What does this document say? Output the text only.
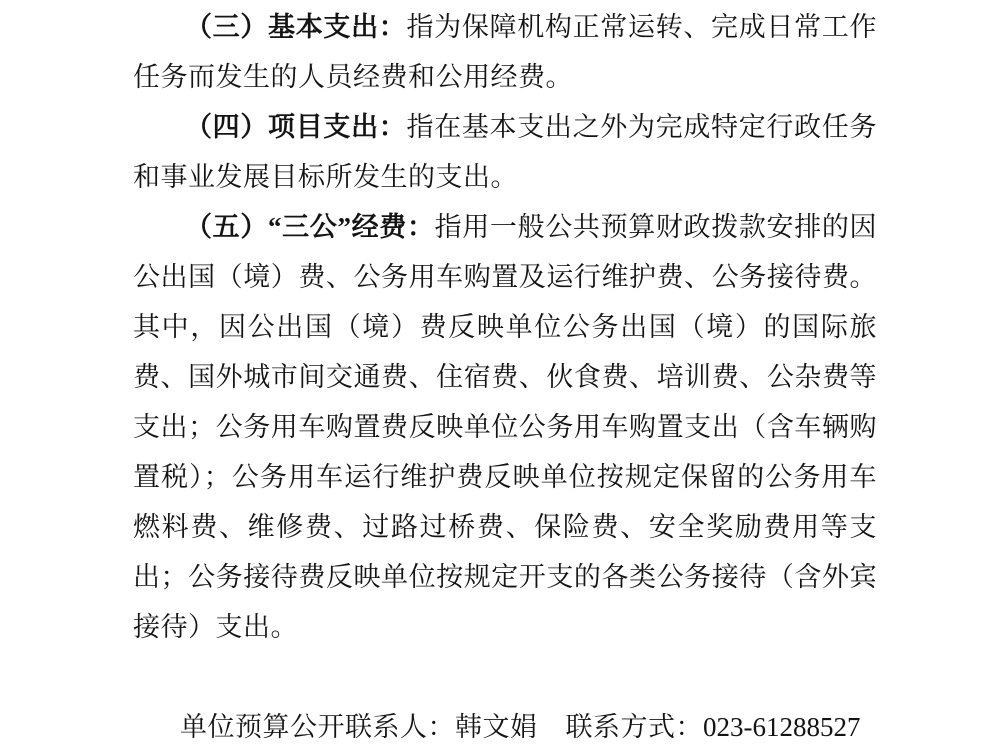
（三）基本支出：指为保障机构正常运转、完成日常工作任务而发生的人员经费和公用经费。

（四）项目支出：指在基本支出之外为完成特定行政任务和事业发展目标所发生的支出。

（五）“三公”经费：指用一般公共预算财政拨款安排的因公出国（境）费、公务用车购置及运行维护费、公务接待费。其中，因公出国（境）费反映单位公务出国（境）的国际旅费、国外城市间交通费、住宿费、伙食费、培训费、公杂费等支出；公务用车购置费反映单位公务用车购置支出（含车辆购置税）；公务用车运行维护费反映单位按规定保留的公务用车燃料费、维修费、过路过桥费、保险费、安全奖励费用等支出；公务接待费反映单位按规定开支的各类公务接待（含外宾接待）支出。

单位预算公开联系人：韩文娟 联系方式：023-61288527
